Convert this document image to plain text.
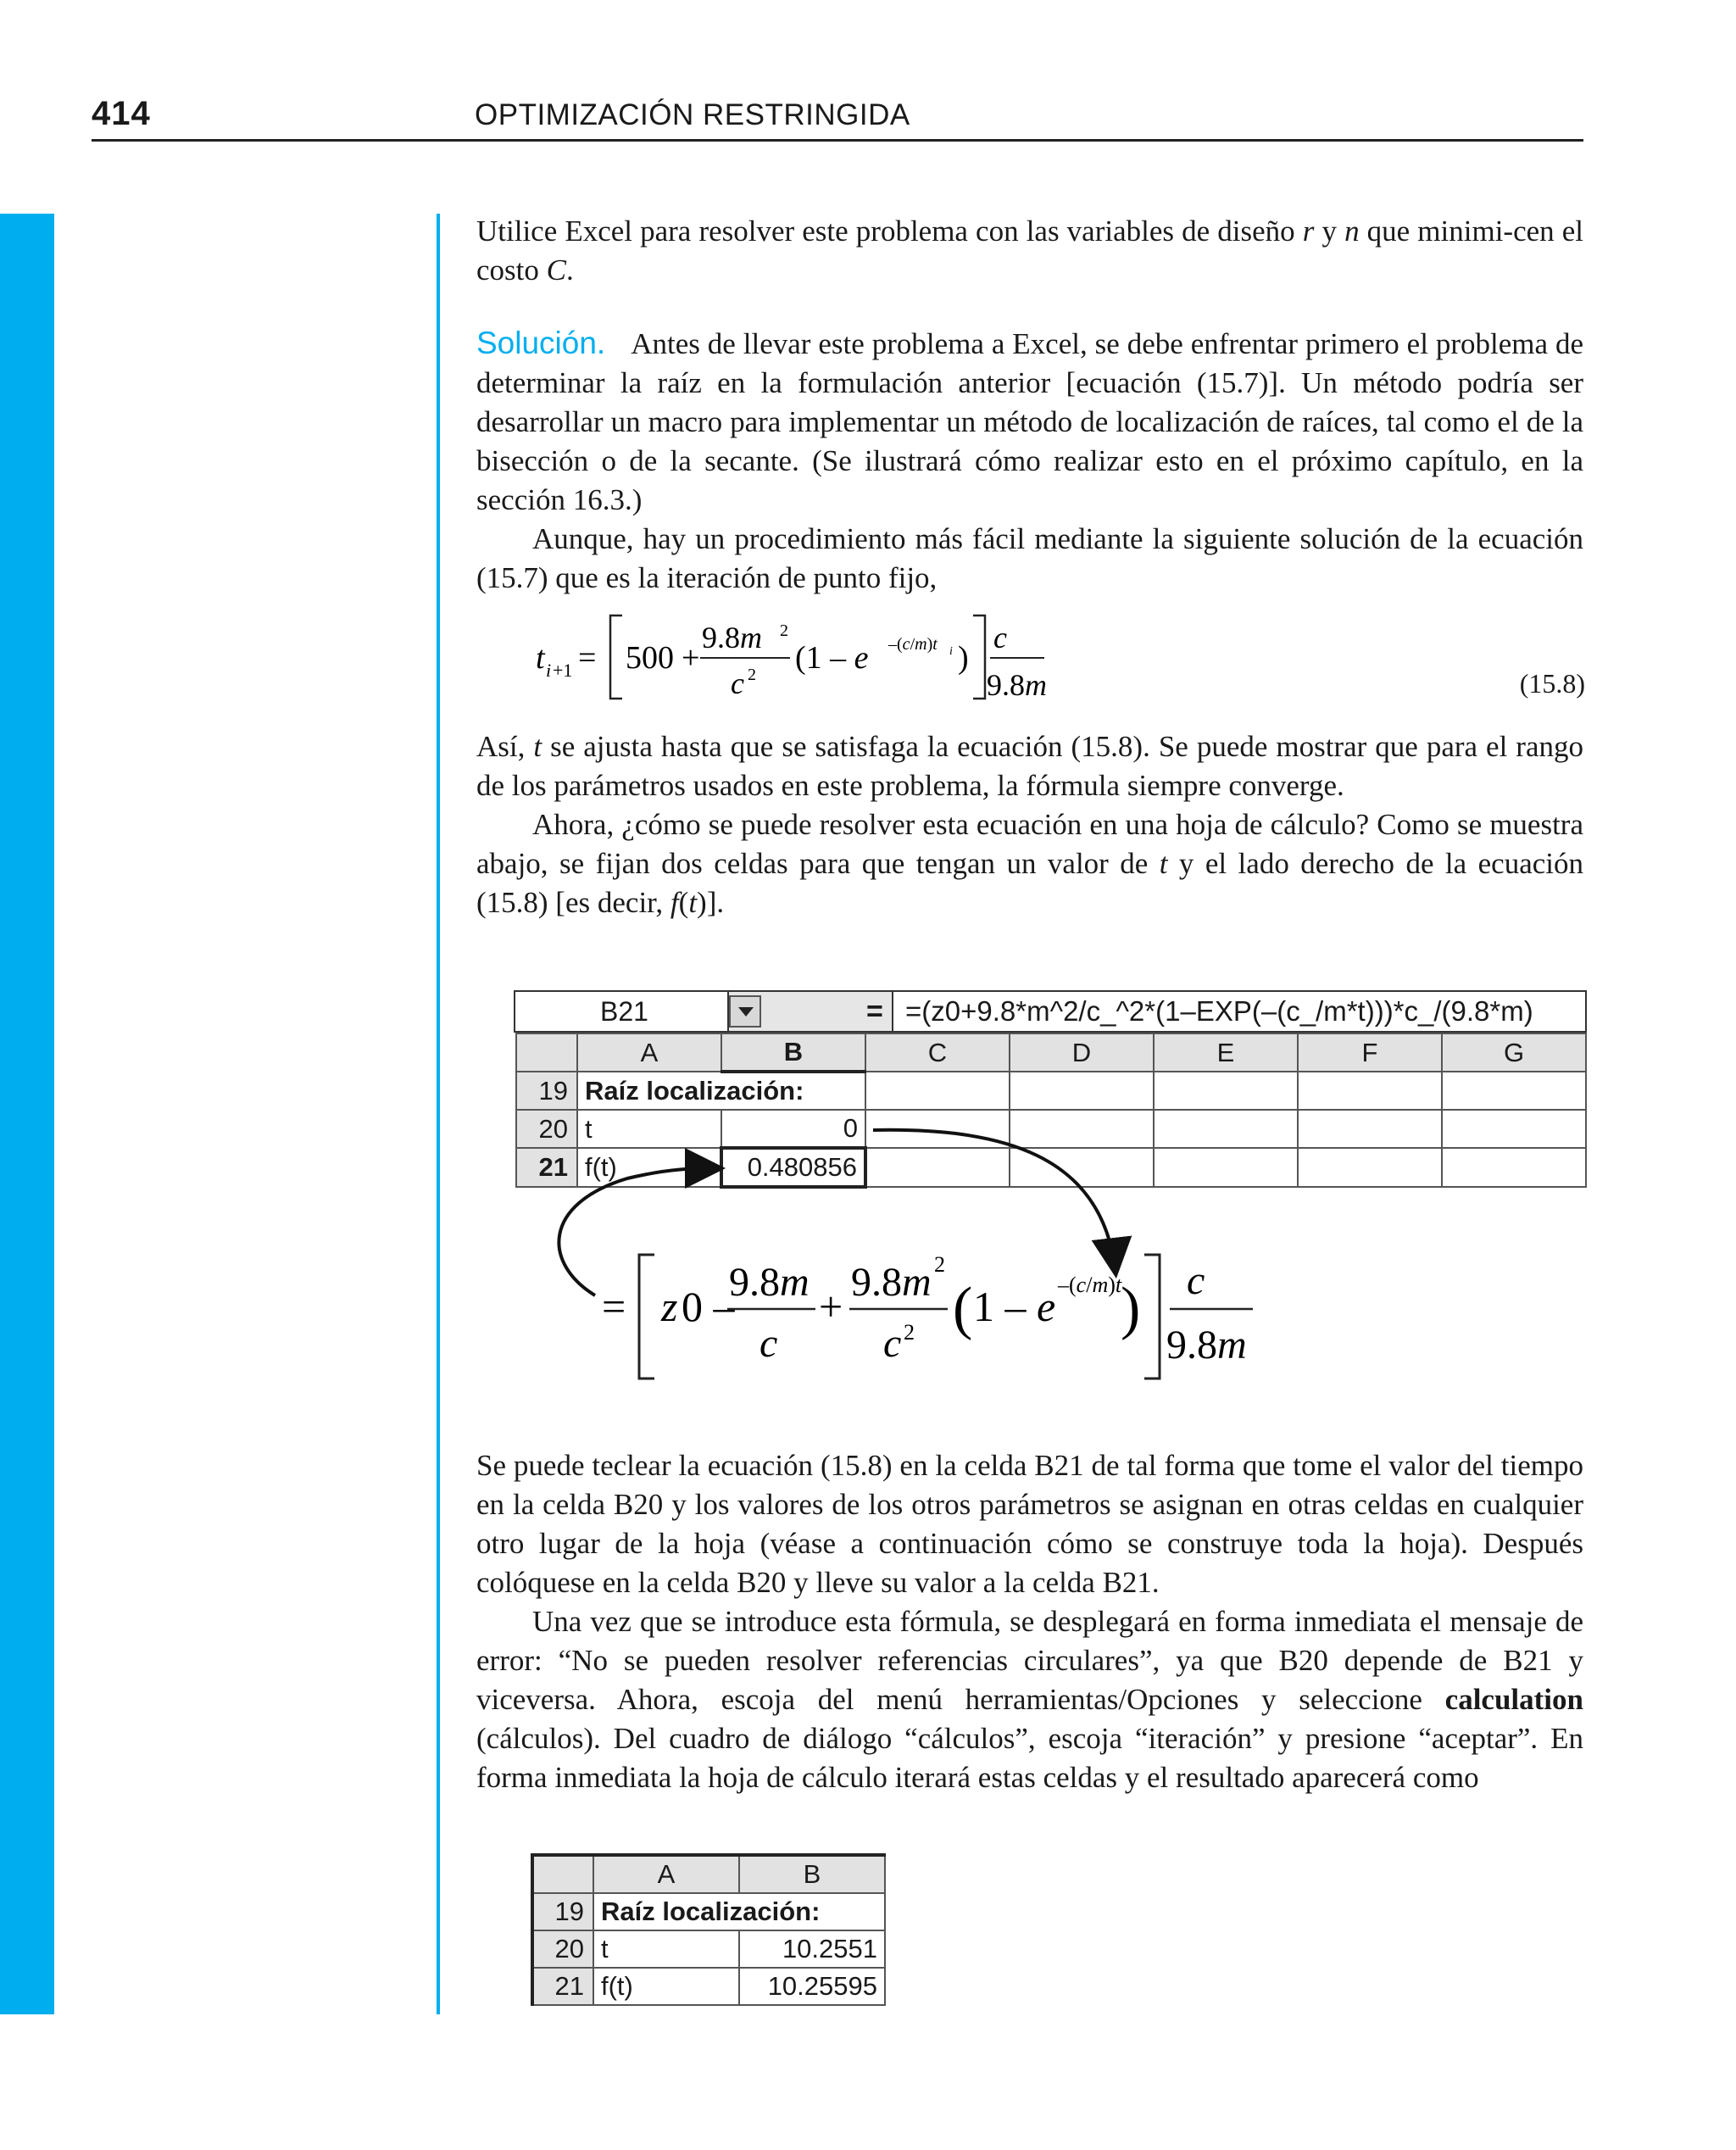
414	OPTIMIZACIÓN RESTRINGIDA
Utilice Excel para resolver este problema con las variables de diseño r y n que minimi-cen el costo C.
Solución. Antes de llevar este problema a Excel, se debe enfrentar primero el problema de determinar la raíz en la formulación anterior [ecuación (15.7)]. Un método podría ser desarrollar un macro para implementar un método de localización de raíces, tal como el de la bisección o de la secante. (Se ilustrará cómo realizar esto en el próximo capítulo, en la sección 16.3.)
Aunque, hay un procedimiento más fácil mediante la siguiente solución de la ecuación (15.7) que es la iteración de punto fijo,
t i +1 = 500 +
9.8m 2
c 2 (1 – e –(c/m)t i )
c
9.8m	(15.8)
Así, t se ajusta hasta que se satisfaga la ecuación (15.8). Se puede mostrar que para el rango de los parámetros usados en este problema, la fórmula siempre converge.
Ahora, ¿cómo se puede resolver esta ecuación en una hoja de cálculo? Como se muestra abajo, se fijan dos celdas para que tengan un valor de t y el lado derecho de la ecuación (15.8) [es decir, f(t)].
B21	= =(z0+9.8*m^2/c_^2*(1–EXP(–(c_/m*t)))*c_/(9.8*m)
	A	B	C	D	E	F	G
19	Raíz localización:						
20	t	0					
21	f(t)	0.480856					
= z 0 –
9.8m
c
+
9.8m 2
c 2 ( 1 – e –(c/m)t
) c
9.8m
Se puede teclear la ecuación (15.8) en la celda B21 de tal forma que tome el valor del tiempo en la celda B20 y los valores de los otros parámetros se asignan en otras celdas en cualquier otro lugar de la hoja (véase a continuación cómo se construye toda la hoja). Después colóquese en la celda B20 y lleve su valor a la celda B21.
Una vez que se introduce esta fórmula, se desplegará en forma inmediata el mensaje de error: “No se pueden resolver referencias circulares”, ya que B20 depende de B21 y viceversa. Ahora, escoja del menú herramientas/Opciones y seleccione calculation (cálculos). Del cuadro de diálogo “cálculos”, escoja “iteración” y presione “aceptar”. En forma inmediata la hoja de cálculo iterará estas celdas y el resultado aparecerá como
	A	B
19	Raíz localización:	
20	t	10.2551
21	f(t)	10.25595
